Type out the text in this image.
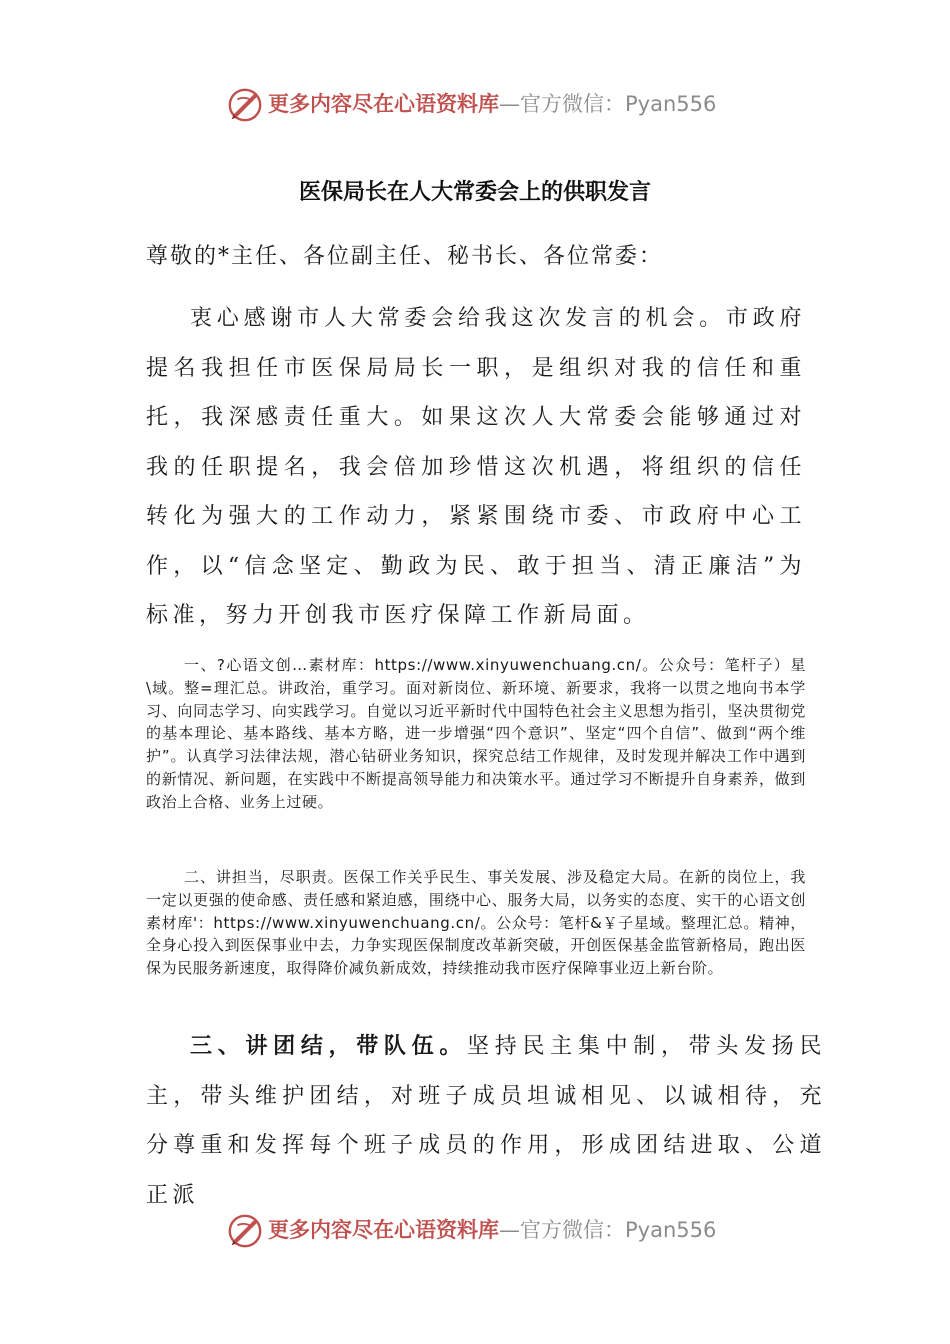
更多内容尽在心语资料库—官方微信：Pyan556
医保局长在人大常委会上的供职发言
尊敬的*主任、各位副主任、秘书长、各位常委：

衷心感谢市人大常委会给我这次发言的机会。市政府提名我担任市医保局局长一职，是组织对我的信任和重托，我深感责任重大。如果这次人大常委会能够通过对我的任职提名，我会倍加珍惜这次机遇，将组织的信任转化为强大的工作动力，紧紧围绕市委、市政府中心工作，以“信念坚定、勤政为民、敢于担当、清正廉洁”为标准，努力开创我市医疗保障工作新局面。

一、?心语文创…素材库：https://www.xinyuwenchuang.cn/。公众号：笔杆子）星\域。整=理汇总。讲政治，重学习。面对新岗位、新环境、新要求，我将一以贯之地向书本学习、向同志学习、向实践学习。自觉以习近平新时代中国特色社会主义思想为指引，坚决贯彻党的基本理论、基本路线、基本方略，进一步增强“四个意识”、坚定“四个自信”、做到“两个维护”。认真学习法律法规，潜心钻研业务知识，探究总结工作规律，及时发现并解决工作中遇到的新情况、新问题，在实践中不断提高领导能力和决策水平。通过学习不断提升自身素养，做到政治上合格、业务上过硬。

二、讲担当，尽职责。医保工作关乎民生、事关发展、涉及稳定大局。在新的岗位上，我一定以更强的使命感、责任感和紧迫感，围绕中心、服务大局，以务实的态度、实干的心语文创素材库'：https://www.xinyuwenchuang.cn/。公众号：笔杆&￥子星域。整理汇总。精神，全身心投入到医保事业中去，力争实现医保制度改革新突破，开创医保基金监管新格局，跑出医保为民服务新速度，取得降价减负新成效，持续推动我市医疗保障事业迈上新台阶。

三、讲团结，带队伍。坚持民主集中制，带头发扬民主，带头维护团结，对班子成员坦诚相见、以诚相待，充分尊重和发挥每个班子成员的作用，形成团结进取、公道正派

更多内容尽在心语资料库—官方微信：Pyan556
